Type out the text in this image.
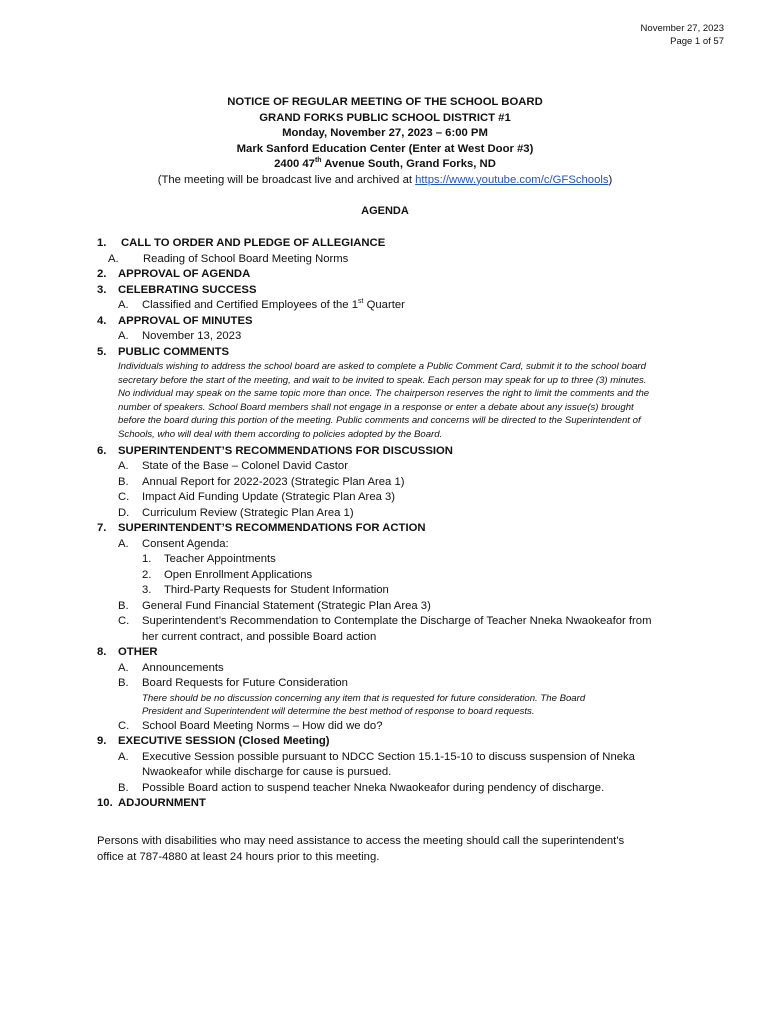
November 27, 2023
Page 1 of 57
NOTICE OF REGULAR MEETING OF THE SCHOOL BOARD
GRAND FORKS PUBLIC SCHOOL DISTRICT #1
Monday, November 27, 2023 – 6:00 PM
Mark Sanford Education Center (Enter at West Door #3)
2400 47th Avenue South, Grand Forks, ND
(The meeting will be broadcast live and archived at https://www.youtube.com/c/GFSchools)
AGENDA
1. CALL TO ORDER AND PLEDGE OF ALLEGIANCE
A. Reading of School Board Meeting Norms
2. APPROVAL OF AGENDA
3. CELEBRATING SUCCESS
A. Classified and Certified Employees of the 1st Quarter
4. APPROVAL OF MINUTES
A. November 13, 2023
5. PUBLIC COMMENTS
Individuals wishing to address the school board are asked to complete a Public Comment Card, submit it to the school board secretary before the start of the meeting, and wait to be invited to speak. Each person may speak for up to three (3) minutes. No individual may speak on the same topic more than once. The chairperson reserves the right to limit the comments and the number of speakers. School Board members shall not engage in a response or enter a debate about any issue(s) brought before the board during this portion of the meeting. Public comments and concerns will be directed to the Superintendent of Schools, who will deal with them according to policies adopted by the Board.
6. SUPERINTENDENT’S RECOMMENDATIONS FOR DISCUSSION
A. State of the Base – Colonel David Castor
B. Annual Report for 2022-2023 (Strategic Plan Area 1)
C. Impact Aid Funding Update (Strategic Plan Area 3)
D. Curriculum Review (Strategic Plan Area 1)
7. SUPERINTENDENT’S RECOMMENDATIONS FOR ACTION
A. Consent Agenda:
1. Teacher Appointments
2. Open Enrollment Applications
3. Third-Party Requests for Student Information
B. General Fund Financial Statement (Strategic Plan Area 3)
C. Superintendent’s Recommendation to Contemplate the Discharge of Teacher Nneka Nwaokeafor from her current contract, and possible Board action
8. OTHER
A. Announcements
B. Board Requests for Future Consideration
There should be no discussion concerning any item that is requested for future consideration. The Board President and Superintendent will determine the best method of response to board requests.
C. School Board Meeting Norms – How did we do?
9. EXECUTIVE SESSION (Closed Meeting)
A. Executive Session possible pursuant to NDCC Section 15.1-15-10 to discuss suspension of Nneka Nwaokeafor while discharge for cause is pursued.
B. Possible Board action to suspend teacher Nneka Nwaokeafor during pendency of discharge.
10. ADJOURNMENT
Persons with disabilities who may need assistance to access the meeting should call the superintendent's office at 787-4880 at least 24 hours prior to this meeting.
